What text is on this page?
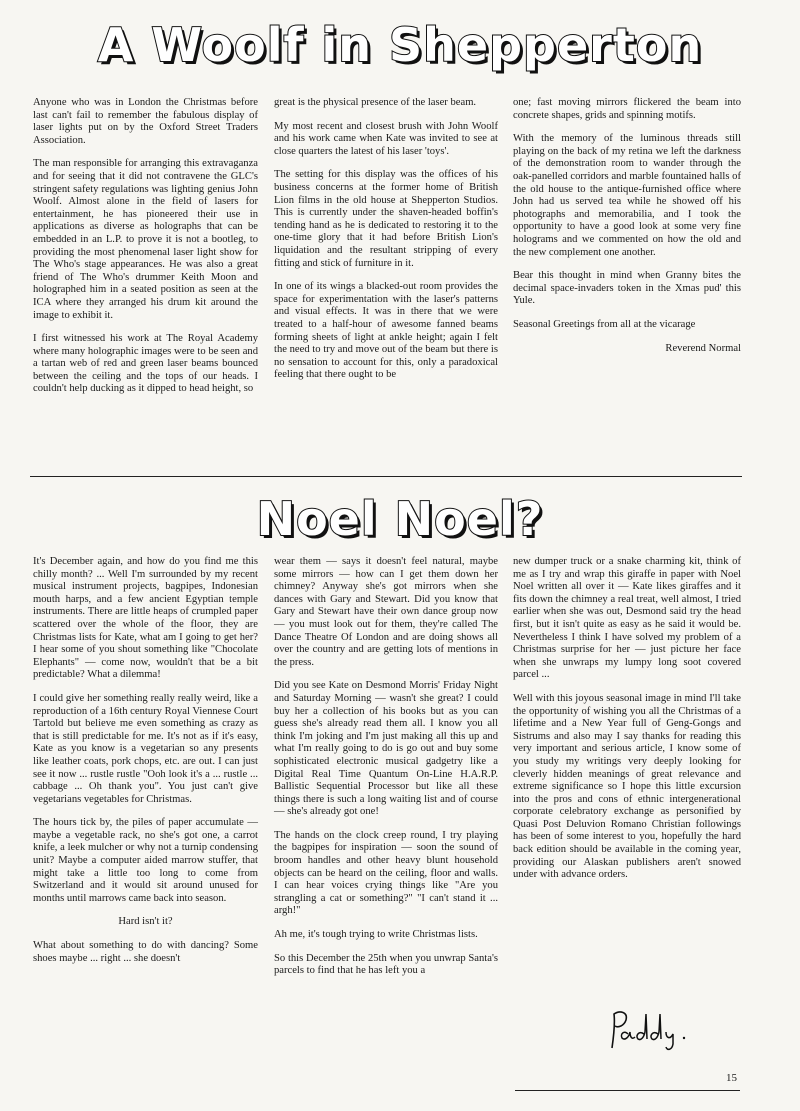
A Woolf in Shepperton

Anyone who was in London the Christmas before last can't fail to remember the fabulous display of laser lights put on by the Oxford Street Traders Association.

The man responsible for arranging this extravaganza and for seeing that it did not contravene the GLC's stringent safety regulations was lighting genius John Woolf. Almost alone in the field of lasers for entertainment, he has pioneered their use in applications as diverse as holographs that can be embedded in an L.P. to prove it is not a bootleg, to providing the most phenomenal laser light show for The Who's stage appearances. He was also a great friend of The Who's drummer Keith Moon and holographed him in a seated position as seen at the ICA where they arranged his drum kit around the image to exhibit it.

I first witnessed his work at The Royal Academy where many holographic images were to be seen and a tartan web of red and green laser beams bounced between the ceiling and the tops of our heads. I couldn't help ducking as it dipped to head height, so

great is the physical presence of the laser beam.

My most recent and closest brush with John Woolf and his work came when Kate was invited to see at close quarters the latest of his laser 'toys'.

The setting for this display was the offices of his business concerns at the former home of British Lion films in the old house at Shepperton Studios. This is currently under the shaven-headed boffin's tending hand as he is dedicated to restoring it to the one-time glory that it had before British Lion's liquidation and the resultant stripping of every fitting and stick of furniture in it.

In one of its wings a blacked-out room provides the space for experimentation with the laser's patterns and visual effects. It was in there that we were treated to a half-hour of awesome fanned beams forming sheets of light at ankle height; again I felt the need to try and move out of the beam but there is no sensation to account for this, only a paradoxical feeling that there ought to be

one; fast moving mirrors flickered the beam into concrete shapes, grids and spinning motifs.

With the memory of the luminous threads still playing on the back of my retina we left the darkness of the demonstration room to wander through the oak-panelled corridors and marble fountained halls of the old house to the antique-furnished office where John had us served tea while he showed off his photographs and memorabilia, and I took the opportunity to have a good look at some very fine holograms and we commented on how the old and the new complement one another.

Bear this thought in mind when Granny bites the decimal space-invaders token in the Xmas pud' this Yule.

Seasonal Greetings from all at the vicarage

Reverend Normal

Noel Noel?

It's December again, and how do you find me this chilly month? ... Well I'm surrounded by my recent musical instrument projects, bagpipes, Indonesian mouth harps, and a few ancient Egyptian temple instruments. There are little heaps of crumpled paper scattered over the whole of the floor, they are Christmas lists for Kate, what am I going to get her? I hear some of you shout something like "Chocolate Elephants" — come now, wouldn't that be a bit predictable? What a dilemma!

I could give her something really really weird, like a reproduction of a 16th century Royal Viennese Court Tartold but believe me even something as crazy as that is still predictable for me. It's not as if it's easy, Kate as you know is a vegetarian so any presents like leather coats, pork chops, etc. are out. I can just see it now ... rustle rustle "Ooh look it's a ... rustle ... cabbage ... Oh thank you". You just can't give vegetarians vegetables for Christmas.

The hours tick by, the piles of paper accumulate — maybe a vegetable rack, no she's got one, a carrot knife, a leek mulcher or why not a turnip condensing unit? Maybe a computer aided marrow stuffer, that might take a little too long to come from Switzerland and it would sit around unused for months until marrows came back into season.

Hard isn't it?

What about something to do with dancing? Some shoes maybe ... right ... she doesn't

wear them — says it doesn't feel natural, maybe some mirrors — how can I get them down her chimney? Anyway she's got mirrors when she dances with Gary and Stewart. Did you know that Gary and Stewart have their own dance group now — you must look out for them, they're called The Dance Theatre Of London and are doing shows all over the country and are getting lots of mentions in the press.

Did you see Kate on Desmond Morris' Friday Night and Saturday Morning — wasn't she great? I could buy her a collection of his books but as you can guess she's already read them all. I know you all think I'm joking and I'm just making all this up and what I'm really going to do is go out and buy some sophisticated electronic musical gadgetry like a Digital Real Time Quantum On-Line H.A.R.P. Ballistic Sequential Processor but like all these things there is such a long waiting list and of course — she's already got one!

The hands on the clock creep round, I try playing the bagpipes for inspiration — soon the sound of broom handles and other heavy blunt household objects can be heard on the ceiling, floor and walls. I can hear voices crying things like "Are you strangling a cat or something?" "I can't stand it ... argh!"

Ah me, it's tough trying to write Christmas lists.

So this December the 25th when you unwrap Santa's parcels to find that he has left you a

new dumper truck or a snake charming kit, think of me as I try and wrap this giraffe in paper with Noel Noel written all over it — Kate likes giraffes and it fits down the chimney a real treat, well almost, I tried earlier when she was out, Desmond said try the head first, but it isn't quite as easy as he said it would be. Nevertheless I think I have solved my problem of a Christmas surprise for her — just picture her face when she unwraps my lumpy long soot covered parcel ...

Well with this joyous seasonal image in mind I'll take the opportunity of wishing you all the Christmas of a lifetime and a New Year full of Geng-Gongs and Sistrums and also may I say thanks for reading this very important and serious article, I know some of you study my writings very deeply looking for cleverly hidden meanings of great relevance and extreme significance so I hope this little excursion into the pros and cons of ethnic intergenerational corporate celebratory exchange as personified by Quasi Post Deluvion Romano Christian followings has been of some interest to you, hopefully the hard back edition should be available in the coming year, providing our Alaskan publishers aren't snowed under with advance orders.

15
